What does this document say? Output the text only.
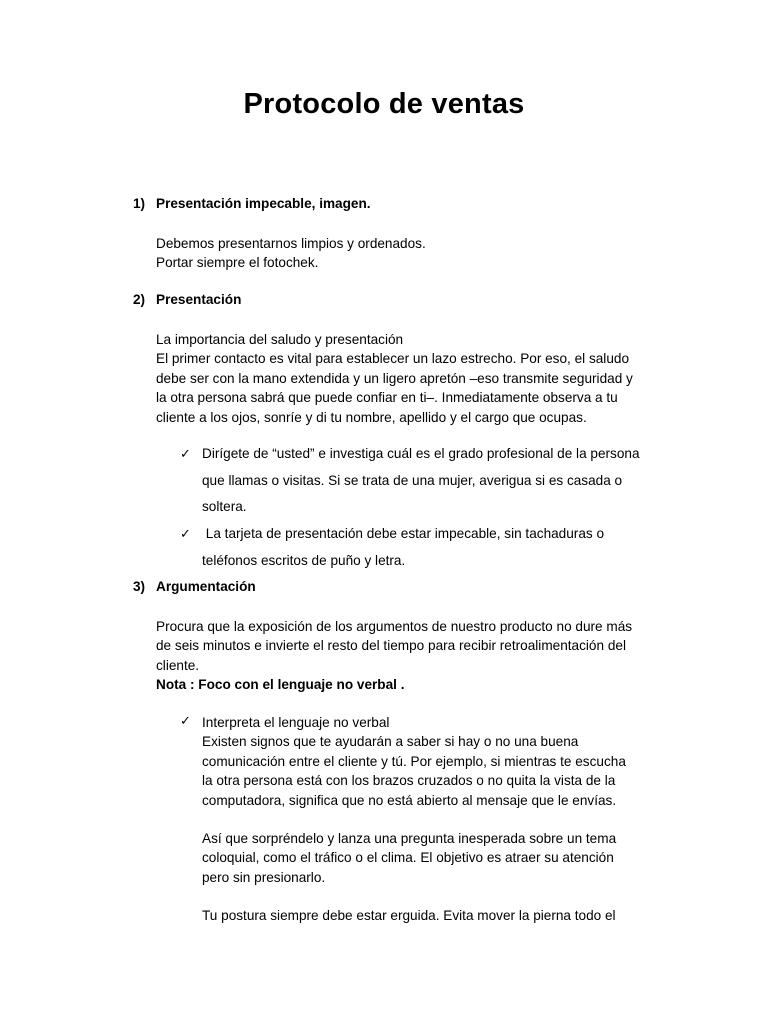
Protocolo de ventas
1) Presentación impecable, imagen.
Debemos presentarnos limpios y ordenados.
Portar siempre el fotochek.
2) Presentación
La importancia del saludo y presentación
El primer contacto es vital para establecer un lazo estrecho. Por eso, el saludo
debe ser con la mano extendida y un ligero apretón –eso transmite seguridad y
la otra persona sabrá que puede confiar en ti–. Inmediatamente observa a tu
cliente a los ojos, sonríe y di tu nombre, apellido y el cargo que ocupas.
✓ Dirígete de “usted” e investiga cuál es el grado profesional de la persona
que llamas o visitas. Si se trata de una mujer, averigua si es casada o
soltera.
✓ La tarjeta de presentación debe estar impecable, sin tachaduras o
teléfonos escritos de puño y letra.
3) Argumentación
Procura que la exposición de los argumentos de nuestro producto no dure más
de seis minutos e invierte el resto del tiempo para recibir retroalimentación del
cliente.
Nota : Foco con el lenguaje no verbal .
✓ Interpreta el lenguaje no verbal
Existen signos que te ayudarán a saber si hay o no una buena
comunicación entre el cliente y tú. Por ejemplo, si mientras te escucha
la otra persona está con los brazos cruzados o no quita la vista de la
computadora, significa que no está abierto al mensaje que le envías.
Así que sorpréndelo y lanza una pregunta inesperada sobre un tema
coloquial, como el tráfico o el clima. El objetivo es atraer su atención
pero sin presionarlo.
Tu postura siempre debe estar erguida. Evita mover la pierna todo el
